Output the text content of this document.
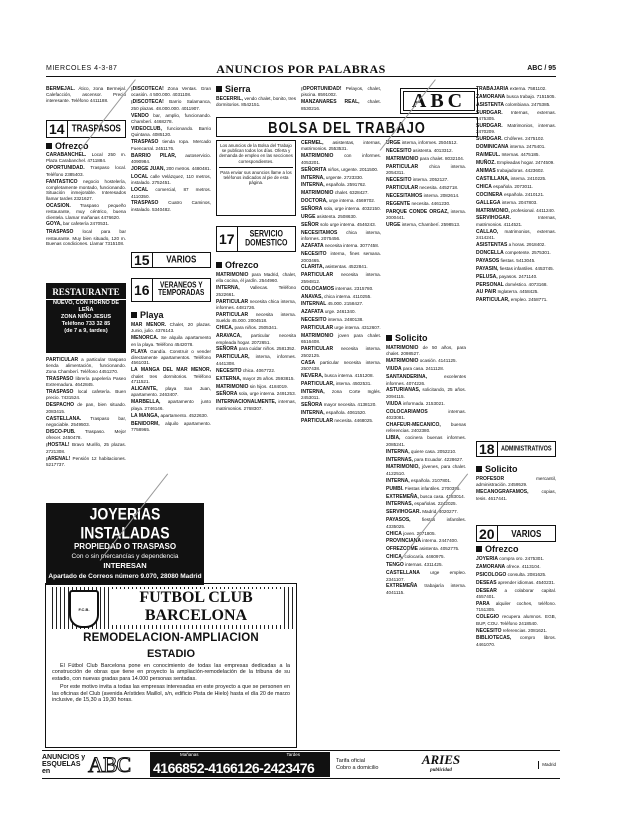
MIERCOLES 4-3-87	ANUNCIOS POR PALABRAS	ABC / 95
ABC
BOLSA DEL TRABAJO
BERMEJAL. Ático, zona Bermejal. Calefacción, ascensor. Precio interesante. Teléfono 4411188.
14 TRASPASOS
Ofrezco
CARABANCHEL. Local 250 m. Plaza Carabanchel. 4711884.
OPORTUNIDAD. Traspaso local. Teléfono 2385403.
FANTASTICO negocio hostelería, completamente montado, funcionando. Situación inmejorable. Interesados llamar tardes 2321627.
OCASION. Traspaso pequeño restaurante, muy céntrico, buena clientela. Llamar mañanas 4476620.
GOYA, bar cafetería 2470531.
TRASPASO local para bar restaurante. Muy bien situado, 120 m. Buenas condiciones. Llamar 7315108.
RESTAURANTE
NUEVO, CON HORNO DE LEÑA
ZONA NIÑO JESUS
Teléfono 733 32 85
(de 7 a 9, tardes)
PARTICULAR a particular traspaso tienda alimentación, funcionando. Zona Chamberí. Teléfono 4451270.
TRASPASO librería papelería Paseo Extremadura. 4642845.
TRASPASO local cafetería. Buen precio. 7431524.
DESPACHO de pan, bien situado. 2083415.
CASTELLANA. Traspaso bar, negociable. 2549503.
DISCO-PUB. Traspaso. Mejor ofrecer. 2450478.
¡HOSTAL! Bravo Murillo, 25 plazas. 2721308.
¡ARENAL! Pensión 12 habitaciones. 5217737.
¡DISCOTECA! Zona Ventas. Gran ocasión. 4 500.000. 4031108.
¡DISCOTECA! Barrio Salamanca, 250 plazas. 48.000.000. 4011907.
VENDO bar, amplio, funcionando. Chamberí. 4468278.
VIDEOCLUB, funcionando. Barrio Quintana. 4085120.
TRASPASO tienda ropa. Mercado Fuencarral. 2451176.
BARRIO PILAR, autoservicio. 4090984.
JORGE JUAN, 200 metros. 4480481.
LOCAL calle Velázquez, 110 metros, instalado. 2752451.
LOCAL comercial, 87 metros. 4110350.
TRASPASO Cuatro Caminos, instalado. 5340482.
15	VARIOS
16	VERANEOS Y TEMPORADAS
Playa
MAR MENOR. Chalet, 20 plazas. Junio, julio. 4376143.
MENORCA. Se alquila apartamento en la playa. Teléfono 4542078.
PLAYA Gandía. Construir o vender directamente apartamentos. Teléfono 4561031.
LA MANGA DEL MAR MENOR, chalet tres dormitorios. Teléfono 4711521.
ALICANTE, playa San Juan, apartamento. 2463407.
MARBELLA, apartamento junto playa. 2746146.
LA MANGA, apartamento. 4522630.
BENIDORM, alquilo apartamento. 7758965.
Sierra
BECERRIL, vendo chalet, bonito, tres dormitorios. 8542151.
Los anuncios de la Bolsa del Trabajo se publican todos los días. Oferta y demanda de empleo en las secciones correspondientes.
Para enviar sus anuncios llame a los teléfonos indicados al pie de esta página.
17	SERVICIO DOMESTICO
Ofrezco
MATRIMONIO para Madrid, chalet, ella cocina, él jardín. 2544960.
INTERNA, Vallecas. Teléfono 2522661.
PARTICULAR necesita chica interna, informes. 4481726.
PARTICULAR necesita interna. Sueldo 45.000. 2004518.
CHICA, para niños. 2505341.
ARAVACA, particular necesita empleada hogar. 2072651.
SEÑORA para cuidar niños. 2581352.
PARTICULAR, interna, informes. 4441308.
NECESITO chica. 4067722.
EXTERNA, mayor 25 años. 2593815.
MATRIMONIO sin hijos. 4184019.
SEÑORA sola, urge interna. 2491253.
INTERNACIONALMENTE, internas, matrimonios. 2768307.
¡OPORTUNIDAD! Pelayos, chalet, piscina. 8591002.
MANZANARES REAL, chalet. 8530216.
CERMEL, asistentas, internas, matrimonios. 2553531.
MATRIMONIO con informes. 4053201.
SEÑORITA niños, urgente. 2011500.
INTERNA, urgente. 2723330.
INTERNA, española. 2591762.
MATRIMONIO chalet. 6328427.
DOCTORA, urge interna. 4569702.
SEÑORA sola, urge interna. 4032150.
URGE asistenta. 2508630.
SEÑOR solo urge interna. 4546243.
NECESITAMOS chica interna, informes. 2075456.
AZAFATA necesita interna. 3077458.
NECESITO interna, fines semana. 2003465.
CLARITA, asistentas. 4522841.
PARTICULAR necesita interna. 2594812.
COLOCAMOS internas. 2315780.
ANAVAS, chica interna. 4110255.
INTERNAL 45.000. 2158427.
AZAFATA urge. 2461340.
NECESITO interna. 2480138.
PARTICULAR urge interna. 4312607.
MATRIMONIO joven para chalet. 6516408.
PARTICULAR necesita interna. 2502125.
CASA particular necesita interna. 2507438.
NEVERA, busca interna. 4151208.
PARTICULAR, interna. 4502531.
INTERNA, zona Corte Inglés. 2453011.
SEÑORA mayor necesita. 4138120.
INTERNA, española. 4061520.
PARTICULAR necesita. 4468025.
URGE interna, informes. 2504512.
NECESITO asistenta. 4013312.
MATRIMONIO para chalet. 8032104.
PARTICULAR chica interna. 2054311.
NECESITO interna. 2052127.
PARTICULAR necesita. 4452718.
NECESITAMOS interna. 2082614.
REGENTE necesita. 4461230.
PARQUE CONDE ORGAZ, interna. 2000441.
URGE interna, Chamberí. 2598513.
Solicito
MATRIMONIO de 50 años, para chalet. 2098527.
MATRIMONIO ocasión. 4141125.
VIUDA para casa. 2411128.
SANTANDERINA,	excelentes informes. 4074226.
ASTURIANAS, solicitando, 25 años. 2094115.
VIUDA informada. 2153021.
COLOCARIAMOS	internas. 4023081.
CHAFEUR-MECANICO, buenas referencias. 2402380.
LIBIA, cocinera buenas informes. 2085241.
INTERNA, quiere casa. 2052210.
INTERNAS, para Ecuador. 4228627.
MATRIMONIO, jóvenes, para chalet. 4122510.
INTERNA, española. 2107801.
PUMBI. Fiestas infantiles. 2700395.
EXTREMEÑA, busca casa. 4183014.
INTERNAS, españolas. 2242025.
SERVIHOGAR. Madrid. 4020277.
PAYASOS, fiestas infantiles. 4335025.
CHICA joven. 2071805.
PROVINCIANA interna. 2447400.
OFREZCOME asistenta. 4052775.
CHICA, colocaría. 4460975.
TENGO internas. 4311425.
CASTELLANA urge empleo. 2341107.
EXTREMEÑA trabajaría interna. 4041115.
TRABAJARIA externa. 7581102.
ZAMORANA busca trabajo. 7151505.
ASISTENTA colombiana. 2475385.
SURDGAR. Internas, externas. 4475305.
SURDGAR. Matrimonios, internas. 2470209.
SURDGAR. Chóferes. 2475102.
DOMINICANA interna. 2475401.
RAIMEUL. Internas. 4475185.
MUÑOZ. Empleadas hogar. 2474509.
ANIMAS trabajadoras. 4423602.
CASTILLANA, interna. 2410225.
CHICA española. 2073011.
COCINERA española. 2410121.
GALLEGA interna. 2047803.
MATRIMONIO, profesional. 4411240.
SERVIHOGAR.	Internas, matrimonios. 4114521.
CALLAO, matrimonios, externas. 2414241.
ASISTENTAS a horas. 2918402.
DONCELLA competente. 2575301.
PAYASOS fiestas. 5413045.
PAYASIN, fiestas infantiles. 4453745.
PELUSA, payasos. 2471140.
PERSONAL doméstico. 4073168.
AU PAIR Inglaterra. 4458425.
PARTICULAR, empleo. 2458771.
18	ADMINISTRATIVOS
Solicito
PROFESOR	mercantil, administración. 2459529.
MECANOGRAFAMOS,	copias, tesis. 4617441.
20	VARIOS
Ofrezco
JOYERIA compra oro. 2475301.
ZAMORANA ofrece. 4113104.
PSICOLOGO consulta. 2081625.
DESEAS aprender idiomas. 4540231.
DESEAR a colaborar capital. 4557401.
PARA alquiler coches, teléfono. 7151305.
COLEGIO recupera alumnos. EGB, BUP, COU. Teléfono 2418540.
NECESITO referencias. 2081621.
BIBLIOTECAS, compro libros. 4461070.
JOYERIAS INSTALADAS
PROPIEDAD O TRASPASO
Con o sin mercancías y dependencia
INTERESAN
Apartado de Correos número 9.070, 28080 Madrid
F.C.B.
FUTBOL CLUB
BARCELONA
REMODELACION-AMPLIACION
ESTADIO

El Fútbol Club Barcelona pone en conocimiento de todas las empresas dedicadas a la construcción de obras que tiene en proyecto la ampliación-remodelación de la tribuna de su estadio, con nuevas gradas para 14.000 personas sentadas.

Por este motivo invita a todas las empresas interesadas en este proyecto a que se personen en las oficinas del Club (avenida Arístides Maillol, s/n, edificio Pista de Hielo) hasta el día 20 de marzo inclusive, de 15,30 a 19,30 horas.

ANUNCIOS y
ESQUELAS en	ABC	Mañanas	Tardes
4166852-4166126-2423476	Tarifa oficial
Cobro a domicilio
ARIES
publicidad
Madrid
